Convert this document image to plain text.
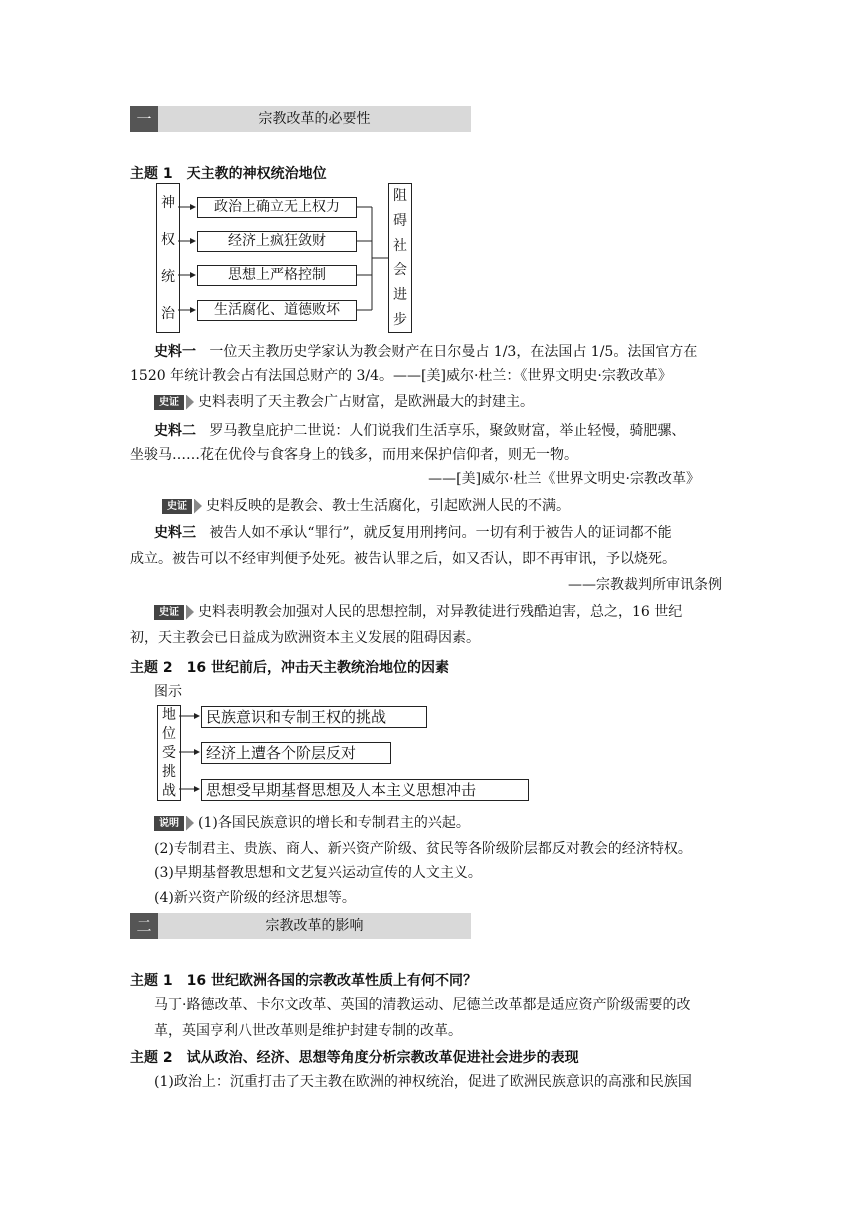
一	宗教改革的必要性
主题 1　天主教的神权统治地位
神
权
统
治
政治上确立无上权力
经济上疯狂敛财
思想上严格控制
生活腐化、道德败坏
阻
碍
社
会
进
步
史料一 一位天主教历史学家认为教会财产在日尔曼占 1/3，在法国占 1/5。法国官方在
1520 年统计教会占有法国总财产的 3/4。——[美]威尔·杜兰：《世界文明史·宗教改革》
史证 史料表明了天主教会广占财富，是欧洲最大的封建主。
史料二 罗马教皇庇护二世说：人们说我们生活享乐，聚敛财富，举止轻慢，骑肥骡、
坐骏马……花在优伶与食客身上的钱多，而用来保护信仰者，则无一物。
——[美]威尔·杜兰《世界文明史·宗教改革》
史证 史料反映的是教会、教士生活腐化，引起欧洲人民的不满。
史料三 被告人如不承认“罪行”，就反复用刑拷问。一切有利于被告人的证词都不能
成立。被告可以不经审判便予处死。被告认罪之后，如又否认，即不再审讯，予以烧死。
——宗教裁判所审讯条例
史证 史料表明教会加强对人民的思想控制，对异教徒进行残酷迫害，总之，16 世纪
初，天主教会已日益成为欧洲资本主义发展的阻碍因素。
主题 2　16 世纪前后，冲击天主教统治地位的因素
图示
地
位
受
挑
战
民族意识和专制王权的挑战
经济上遭各个阶层反对
思想受早期基督思想及人本主义思想冲击
说明 (1)各国民族意识的增长和专制君主的兴起。
(2)专制君主、贵族、商人、新兴资产阶级、贫民等各阶级阶层都反对教会的经济特权。
(3)早期基督教思想和文艺复兴运动宣传的人文主义。
(4)新兴资产阶级的经济思想等。
二	宗教改革的影响
主题 1　16 世纪欧洲各国的宗教改革性质上有何不同？
马丁·路德改革、卡尔文改革、英国的清教运动、尼德兰改革都是适应资产阶级需要的改
革，英国亨利八世改革则是维护封建专制的改革。
主题 2　试从政治、经济、思想等角度分析宗教改革促进社会进步的表现
(1)政治上：沉重打击了天主教在欧洲的神权统治，促进了欧洲民族意识的高涨和民族国
